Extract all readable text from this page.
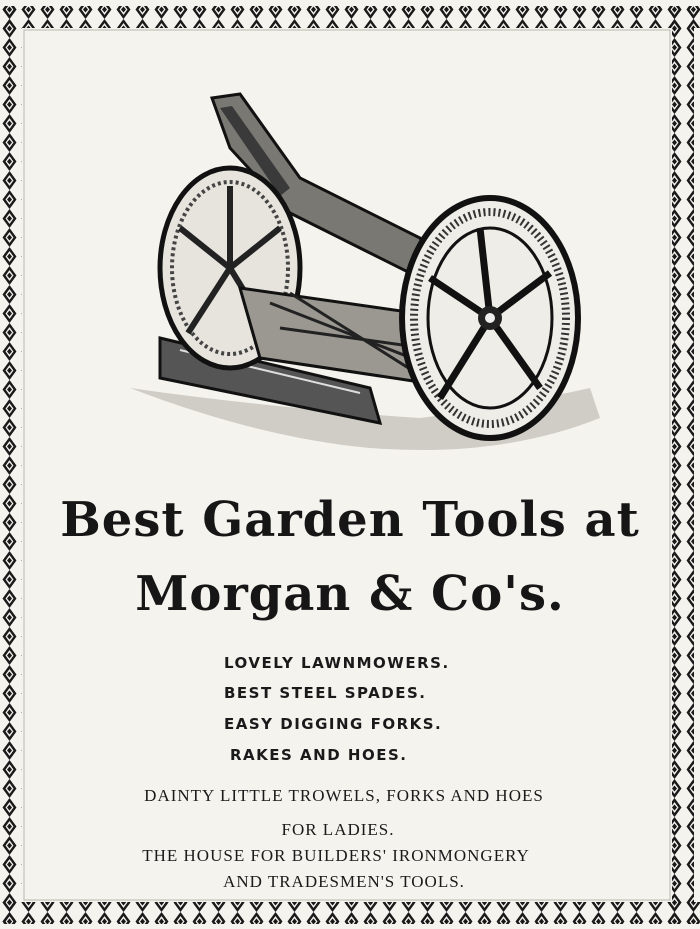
Best Garden Tools at
Morgan & Co's.
LOVELY LAWNMOWERS.
BEST STEEL SPADES.
EASY DIGGING FORKS.
RAKES AND HOES.
DAINTY LITTLE TROWELS, FORKS AND HOES
FOR LADIES.
THE HOUSE FOR BUILDERS' IRONMONGERY
AND TRADESMEN'S TOOLS.
